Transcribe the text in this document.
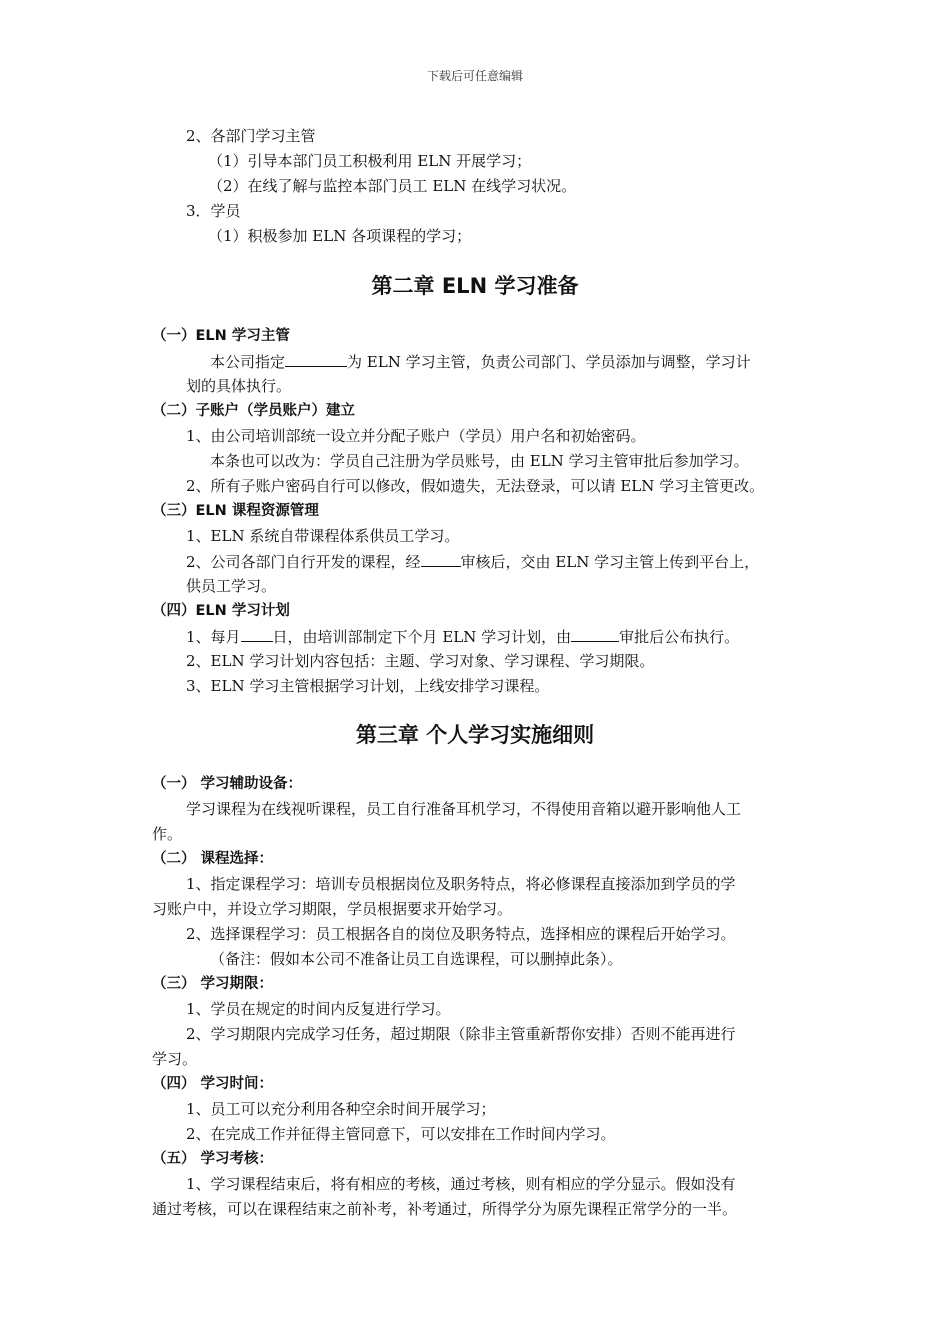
下载后可任意编辑
2、各部门学习主管
（1）引导本部门员工积极利用 ELN 开展学习；
（2）在线了解与监控本部门员工 ELN 在线学习状况。
3．学员
（1）积极参加 ELN 各项课程的学习；
第二章 ELN 学习准备
（一）ELN 学习主管
本公司指定	为 ELN 学习主管，负责公司部门、学员添加与调整，学习计
划的具体执行。
（二）子账户（学员账户）建立
1、由公司培训部统一设立并分配子账户（学员）用户名和初始密码。
本条也可以改为：学员自己注册为学员账号，由 ELN 学习主管审批后参加学习。
2、所有子账户密码自行可以修改，假如遗失，无法登录，可以请 ELN 学习主管更改。
（三）ELN 课程资源管理
1、ELN 系统自带课程体系供员工学习。
2、公司各部门自行开发的课程，经	审核后，交由 ELN 学习主管上传到平台上，
供员工学习。
（四）ELN 学习计划
1、每月 日，由培训部制定下个月 ELN 学习计划，由	审批后公布执行。
2、ELN 学习计划内容包括：主题、学习对象、学习课程、学习期限。
3、ELN 学习主管根据学习计划，上线安排学习课程。
第三章 个人学习实施细则
（一） 学习辅助设备：
学习课程为在线视听课程，员工自行准备耳机学习，不得使用音箱以避开影响他人工
作。
（二） 课程选择：
1、指定课程学习：培训专员根据岗位及职务特点，将必修课程直接添加到学员的学
习账户中，并设立学习期限，学员根据要求开始学习。
2、选择课程学习：员工根据各自的岗位及职务特点，选择相应的课程后开始学习。
（备注：假如本公司不准备让员工自选课程，可以删掉此条）。
（三） 学习期限：
1、学员在规定的时间内反复进行学习。
2、学习期限内完成学习任务，超过期限（除非主管重新帮你安排）否则不能再进行
学习。
（四） 学习时间：
1、员工可以充分利用各种空余时间开展学习；
2、在完成工作并征得主管同意下，可以安排在工作时间内学习。
（五） 学习考核：
1、学习课程结束后，将有相应的考核，通过考核，则有相应的学分显示。假如没有
通过考核，可以在课程结束之前补考，补考通过，所得学分为原先课程正常学分的一半。
